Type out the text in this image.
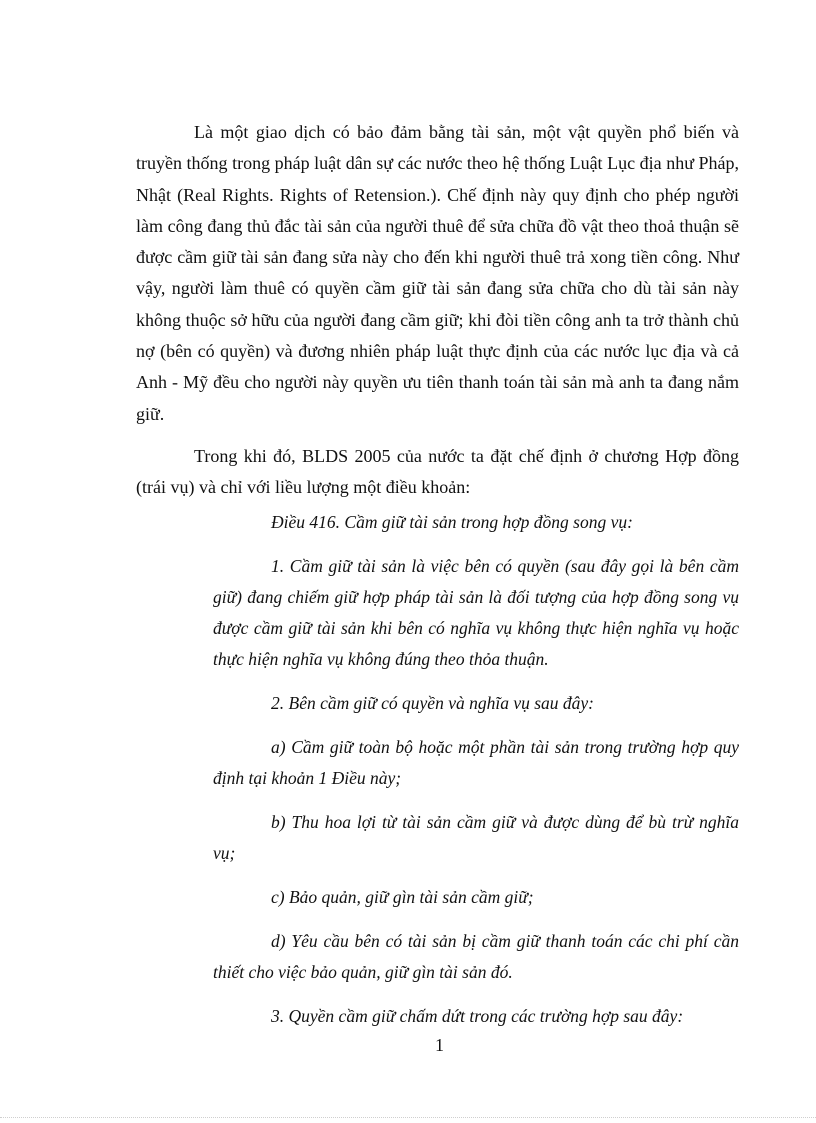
Là một giao dịch có bảo đảm bằng tài sản, một vật quyền phổ biến và truyền thống trong pháp luật dân sự các nước theo hệ thống Luật Lục địa như Pháp, Nhật (Real Rights. Rights of Retension.). Chế định này quy định cho phép người làm công đang thủ đắc tài sản của người thuê để sửa chữa đồ vật theo thoả thuận sẽ được cầm giữ tài sản đang sửa này cho đến khi người thuê trả xong tiền công. Như vậy, người làm thuê có quyền cầm giữ tài sản đang sửa chữa cho dù tài sản này không thuộc sở hữu của người đang cầm giữ; khi đòi tiền công anh ta trở thành chủ nợ (bên có quyền) và đương nhiên pháp luật thực định của các nước lục địa và cả Anh - Mỹ đều cho người này quyền ưu tiên thanh toán tài sản mà anh ta đang nắm giữ.

Trong khi đó, BLDS 2005 của nước ta đặt chế định ở chương Hợp đồng (trái vụ) và chỉ với liều lượng một điều khoản:

Điều 416. Cầm giữ tài sản trong hợp đồng song vụ:

1. Cầm giữ tài sản là việc bên có quyền (sau đây gọi là bên cầm giữ) đang chiếm giữ hợp pháp tài sản là đối tượng của hợp đồng song vụ được cầm giữ tài sản khi bên có nghĩa vụ không thực hiện nghĩa vụ hoặc thực hiện nghĩa vụ không đúng theo thỏa thuận.

2. Bên cầm giữ có quyền và nghĩa vụ sau đây:

a) Cầm giữ toàn bộ hoặc một phần tài sản trong trường hợp quy định tại khoản 1 Điều này;

b) Thu hoa lợi từ tài sản cầm giữ và được dùng để bù trừ nghĩa vụ;

c) Bảo quản, giữ gìn tài sản cầm giữ;

d) Yêu cầu bên có tài sản bị cầm giữ thanh toán các chi phí cần thiết cho việc bảo quản, giữ gìn tài sản đó.

3. Quyền cầm giữ chấm dứt trong các trường hợp sau đây:

1
